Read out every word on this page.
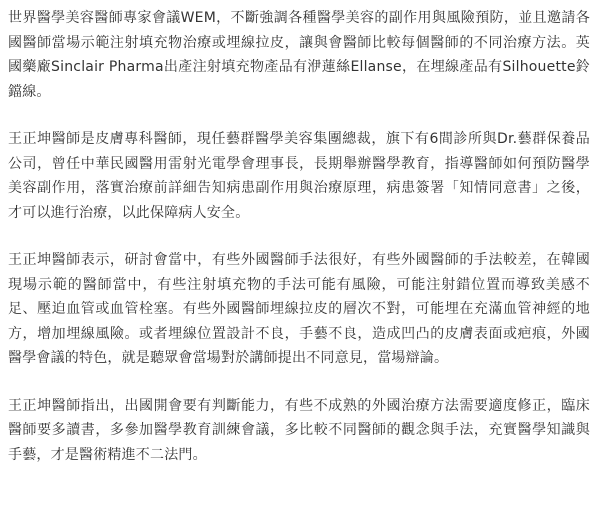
世界醫學美容醫師專家會議WEM，不斷強調各種醫學美容的副作用與風險預防，並且邀請各國醫師當場示範注射填充物治療或埋線拉皮，讓與會醫師比較每個醫師的不同治療方法。英國藥廠Sinclair Pharma出產注射填充物產品有洢蓮絲Ellanse，在埋線產品有Silhouette鈴鐺線。

王正坤醫師是皮膚專科醫師，現任藝群醫學美容集團總裁，旗下有6間診所與Dr.藝群保養品公司，曾任中華民國醫用雷射光電學會理事長，長期舉辦醫學教育，指導醫師如何預防醫學美容副作用，落實治療前詳細告知病患副作用與治療原理，病患簽署「知情同意書」之後，才可以進行治療，以此保障病人安全。

王正坤醫師表示，研討會當中，有些外國醫師手法很好，有些外國醫師的手法較差，在韓國現場示範的醫師當中，有些注射填充物的手法可能有風險，可能注射錯位置而導致美感不足、壓迫血管或血管栓塞。有些外國醫師埋線拉皮的層次不對，可能埋在充滿血管神經的地方，增加埋線風險。或者埋線位置設計不良，手藝不良，造成凹凸的皮膚表面或疤痕，外國醫學會議的特色，就是聽眾會當場對於講師提出不同意見，當場辯論。

王正坤醫師指出，出國開會要有判斷能力，有些不成熟的外國治療方法需要適度修正，臨床醫師要多讀書，多參加醫學教育訓練會議，多比較不同醫師的觀念與手法，充實醫學知識與手藝，才是醫術精進不二法門。
